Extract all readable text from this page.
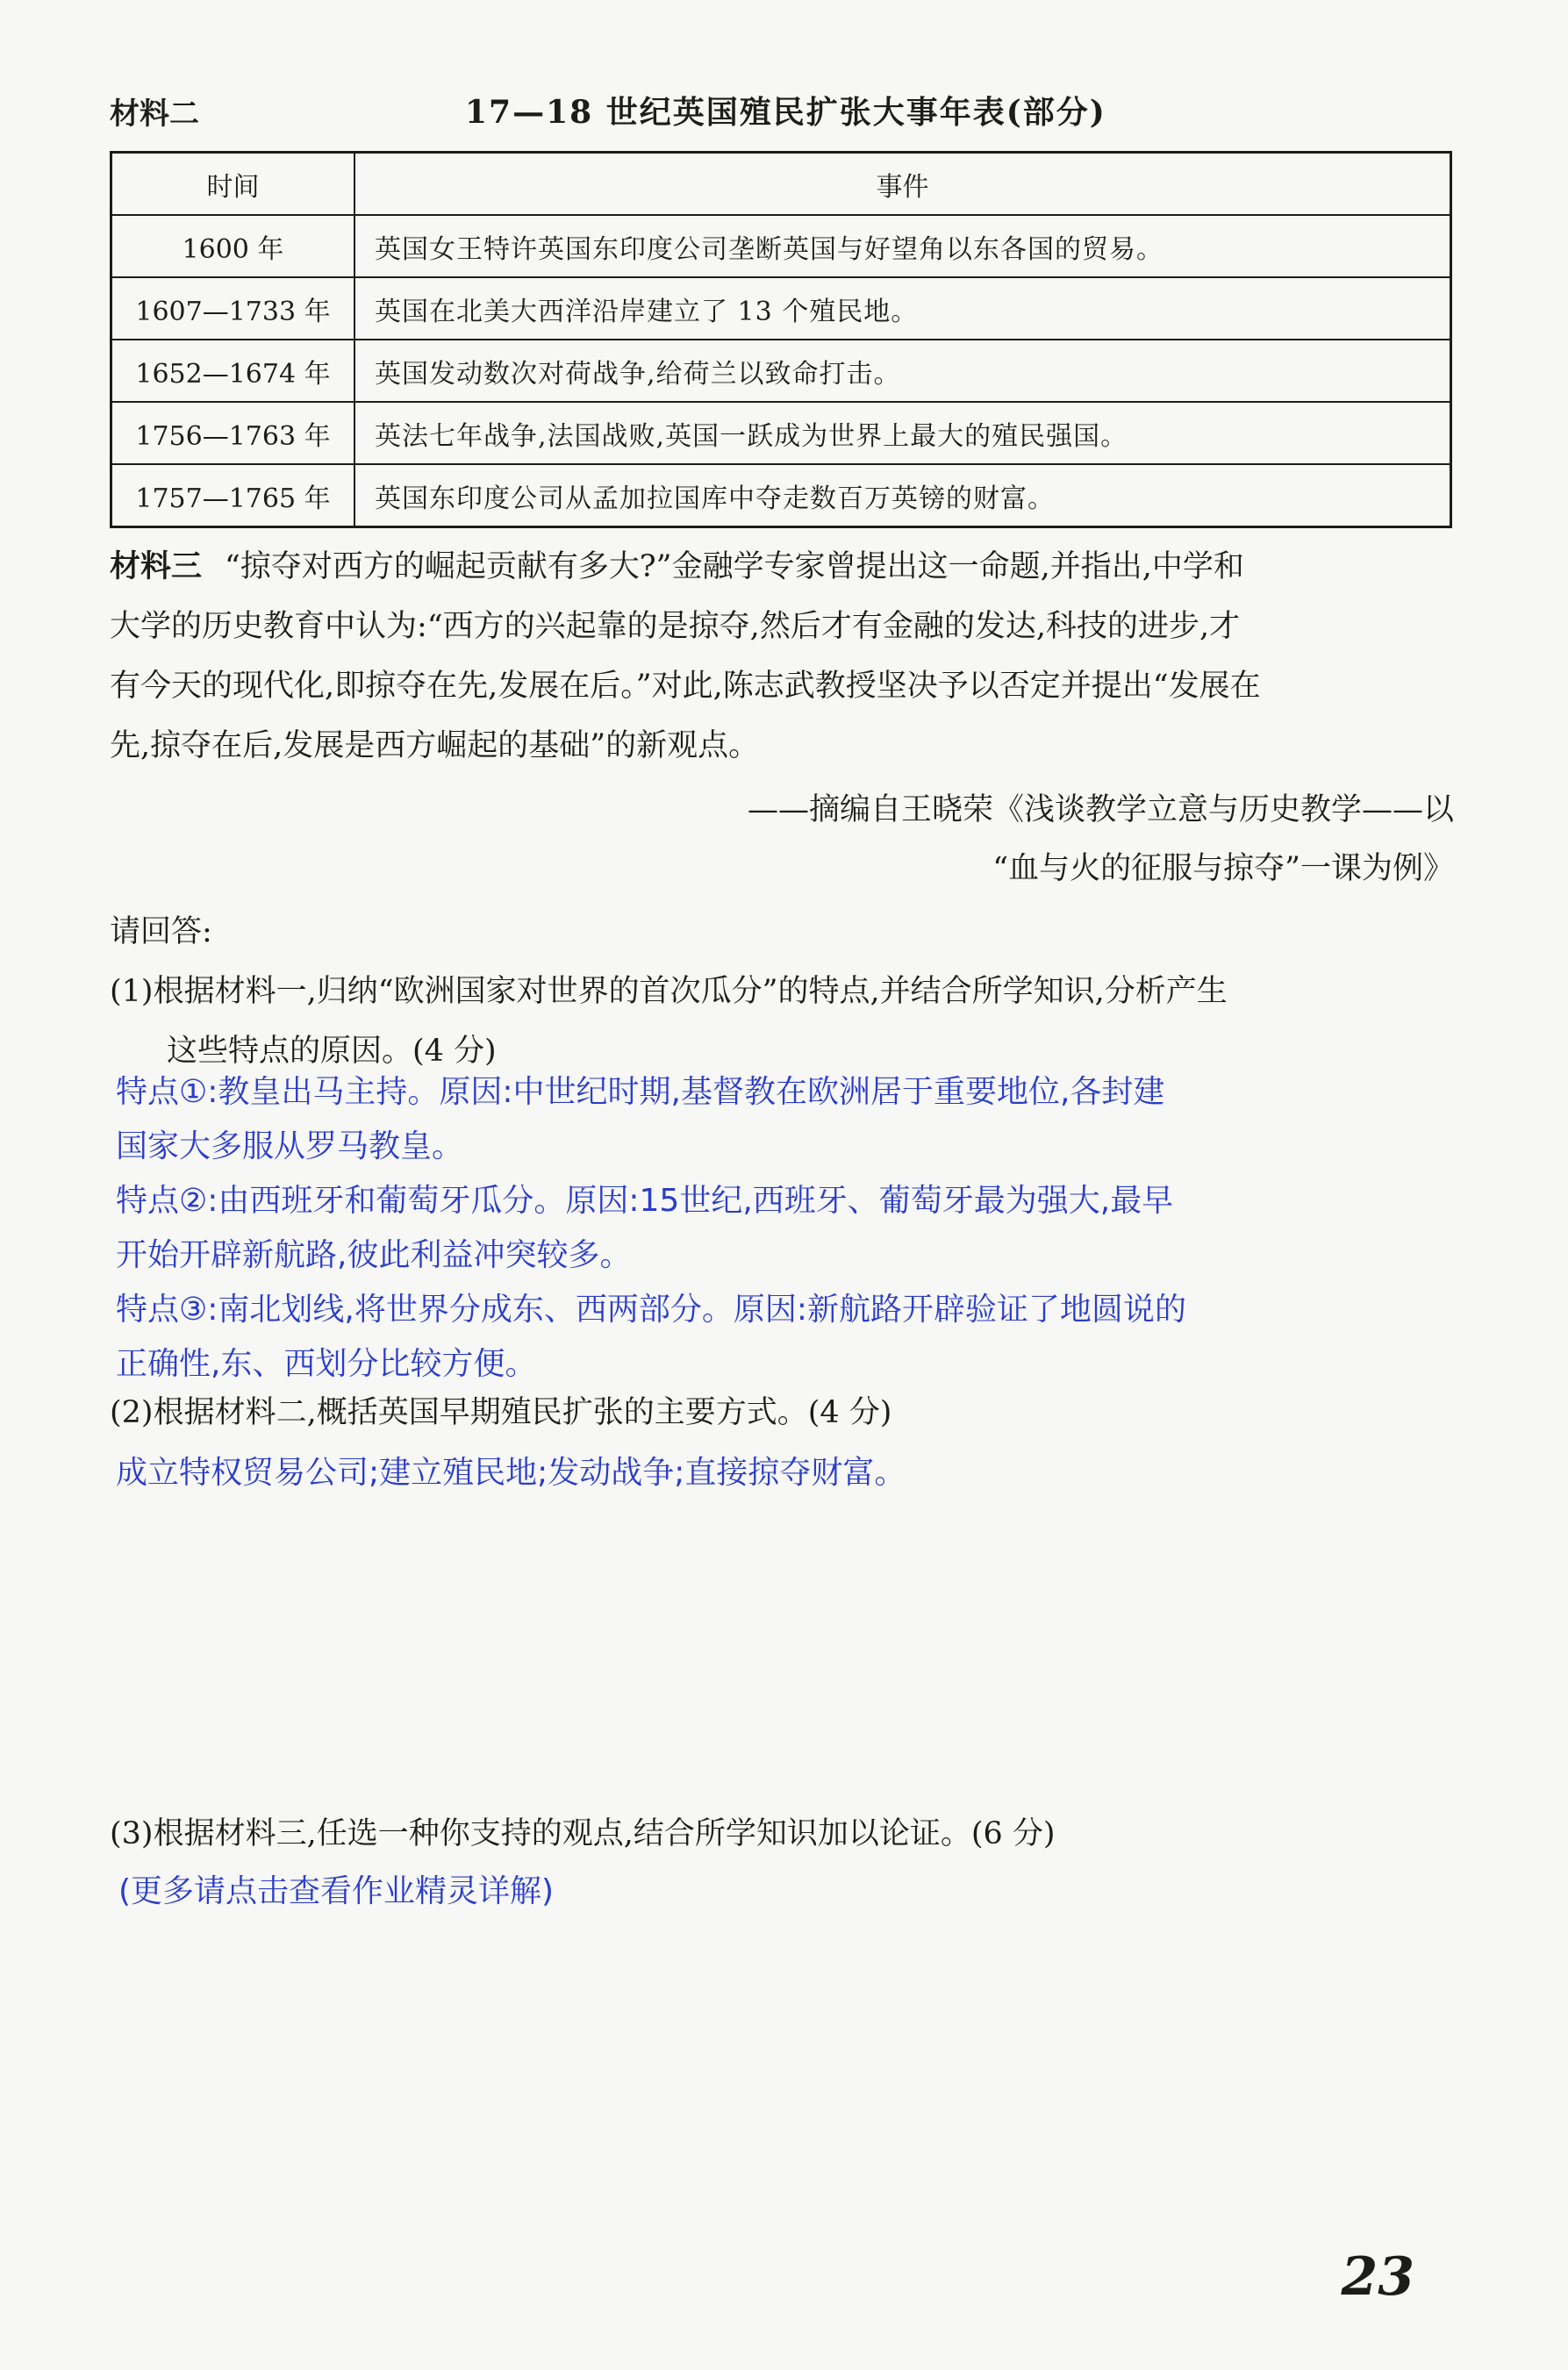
材料二	17—18 世纪英国殖民扩张大事年表(部分)
时间	事件
1600 年	英国女王特许英国东印度公司垄断英国与好望角以东各国的贸易。
1607—1733 年	英国在北美大西洋沿岸建立了 13 个殖民地。
1652—1674 年	英国发动数次对荷战争,给荷兰以致命打击。
1756—1763 年	英法七年战争,法国战败,英国一跃成为世界上最大的殖民强国。
1757—1765 年	英国东印度公司从孟加拉国库中夺走数百万英镑的财富。
材料三 “掠夺对西方的崛起贡献有多大?”金融学专家曾提出这一命题,并指出,中学和
大学的历史教育中认为:“西方的兴起靠的是掠夺,然后才有金融的发达,科技的进步,才
有今天的现代化,即掠夺在先,发展在后。”对此,陈志武教授坚决予以否定并提出“发展在
先,掠夺在后,发展是西方崛起的基础”的新观点。
——摘编自王晓荣《浅谈教学立意与历史教学——以
“血与火的征服与掠夺”一课为例》
请回答:
(1)根据材料一,归纳“欧洲国家对世界的首次瓜分”的特点,并结合所学知识,分析产生
这些特点的原因。(4 分)
特点①:教皇出马主持。原因:中世纪时期,基督教在欧洲居于重要地位,各封建
国家大多服从罗马教皇。
特点②:由西班牙和葡萄牙瓜分。原因:15世纪,西班牙、葡萄牙最为强大,最早
开始开辟新航路,彼此利益冲突较多。
特点③:南北划线,将世界分成东、西两部分。原因:新航路开辟验证了地圆说的
正确性,东、西划分比较方便。
(2)根据材料二,概括英国早期殖民扩张的主要方式。(4 分)
成立特权贸易公司;建立殖民地;发动战争;直接掠夺财富。
(3)根据材料三,任选一种你支持的观点,结合所学知识加以论证。(6 分)
(更多请点击查看作业精灵详解)
23
